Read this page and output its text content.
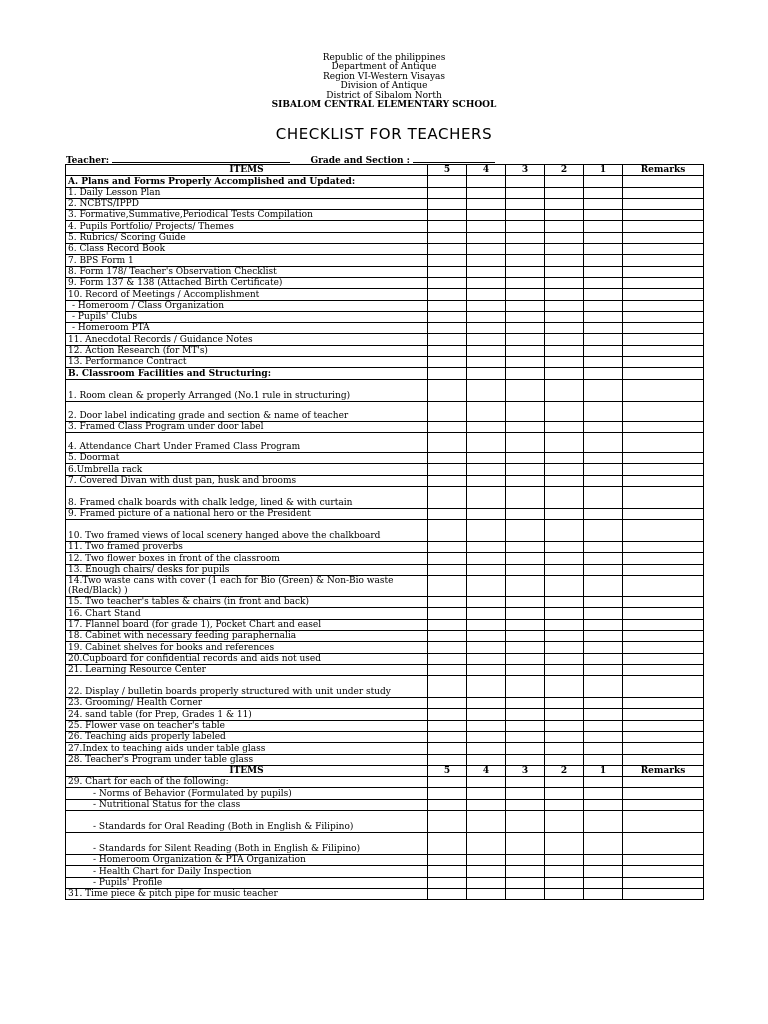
Republic of the philippines
Department of Antique
Region VI-Western Visayas
Division of Antique
District of Sibalom North
SIBALOM CENTRAL ELEMENTARY SCHOOL
CHECKLIST FOR TEACHERS
Teacher:	Grade and Section :
ITEMS	5	4	3	2	1	Remarks
A. Plans and Forms Properly Accomplished and Updated:						
1. Daily Lesson Plan						
2. NCBTS/IPPD						
3. Formative,Summative,Periodical Tests Compilation						
4. Pupils Portfolio/ Projects/ Themes						
5. Rubrics/ Scoring Guide						
6. Class Record Book						
7. BPS Form 1						
8. Form 178/ Teacher's Observation Checklist						
9. Form 137 & 138 (Attached Birth Certificate)						
10. Record of Meetings / Accomplishment						
- Homeroom / Class Organization						
- Pupils' Clubs						
- Homeroom PTA						
11. Anecdotal Records / Guidance Notes						
12. Action Research (for MT's)						
13. Performance Contract						
B. Classroom Facilities and Structuring:						
1. Room clean & properly Arranged (No.1 rule in structuring)						
2. Door label indicating grade and section & name of teacher						
3. Framed Class Program under door label						
4. Attendance Chart Under Framed Class Program						
5. Doormat						
6.Umbrella rack						
7. Covered Divan with dust pan, husk and brooms						
8. Framed chalk boards with chalk ledge, lined & with curtain						
9. Framed picture of a national hero or the President						
10. Two framed views of local scenery hanged above the chalkboard						
11. Two framed proverbs						
12. Two flower boxes in front of the classroom						
13. Enough chairs/ desks for pupils						
14.Two waste cans with cover (1 each for Bio (Green) & Non-Bio waste (Red/Black) )						
15. Two teacher's tables & chairs (in front and back)						
16. Chart Stand						
17. Flannel board (for grade 1), Pocket Chart and easel						
18. Cabinet with necessary feeding paraphernalia						
19. Cabinet shelves for books and references						
20.Cupboard for confidential records and aids not used						
21. Learning Resource Center						
22. Display / bulletin boards properly structured with unit under study						
23. Grooming/ Health Corner						
24. sand table (for Prep, Grades 1 & 11)						
25. Flower vase on teacher's table						
26. Teaching aids properly labeled						
27.Index to teaching aids under table glass						
28. Teacher's Program under table glass						
ITEMS	5	4	3	2	1	Remarks
29. Chart for each of the following:						
- Norms of Behavior (Formulated by pupils)						
- Nutritional Status for the class						
- Standards for Oral Reading (Both in English & Filipino)						
- Standards for Silent Reading (Both in English & Filipino)						
- Homeroom Organization & PTA Organization						
- Health Chart for Daily Inspection						
- Pupils' Profile						
31. Time piece & pitch pipe for music teacher						
